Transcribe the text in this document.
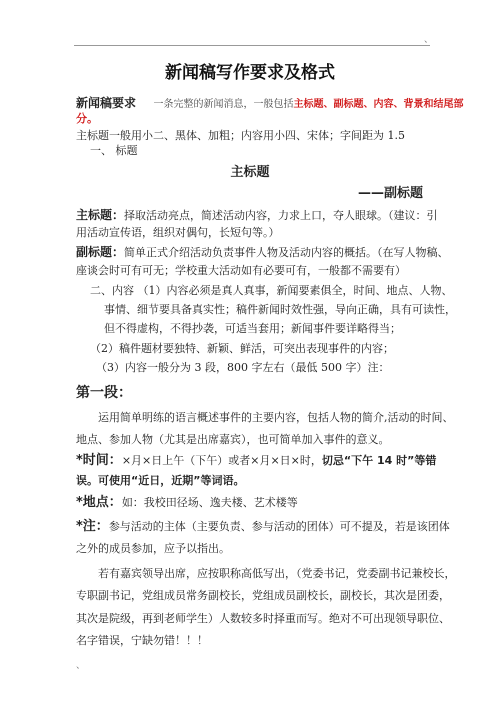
、
新闻稿写作要求及格式
新闻稿要求 一条完整的新闻消息，一般包括主标题、副标题、内容、背景和结尾部
分。
主标题一般用小二、黑体、加粗；内容用小四、宋体；字间距为 1.5
一、 标题
主标题
——副标题
主标题：择取活动亮点，简述活动内容，力求上口，夺人眼球。（建议：引
用活动宣传语，组织对偶句，长短句等。）
副标题：简单正式介绍活动负责事件人物及活动内容的概括。（在写人物稿、
座谈会时可有可无；学校重大活动如有必要可有，一般都不需要有）
二、内容 （1）内容必须是真人真事，新闻要素俱全，时间、地点、人物、
事情、细节要具备真实性；稿件新闻时效性强，导向正确，具有可读性，
但不得虚构，不得抄袭，可适当套用；新闻事件要详略得当；
（2）稿件题材要独特、新颖、鲜活，可突出表现事件的内容；
（3）内容一般分为 3 段，800 字左右（最低 500 字）注：
第一段：
运用简单明练的语言概述事件的主要内容，包括人物的简介,活动的时间、
地点、参加人物（尤其是出席嘉宾），也可简单加入事件的意义。
*时间：×月×日上午（下午）或者×月×日×时，切忌“下午 14 时”等错
误。可使用“近日，近期”等词语。
*地点：如：我校田径场、逸夫楼、艺术楼等
*注：参与活动的主体（主要负责、参与活动的团体）可不提及，若是该团体
之外的成员参加，应予以指出。
若有嘉宾领导出席，应按职称高低写出，（党委书记，党委副书记兼校长，
专职副书记，党组成员常务副校长，党组成员副校长，副校长，其次是团委，
其次是院级，再到老师学生）人数较多时择重而写。绝对不可出现领导职位、
名字错误，宁缺勿错！！！
、
